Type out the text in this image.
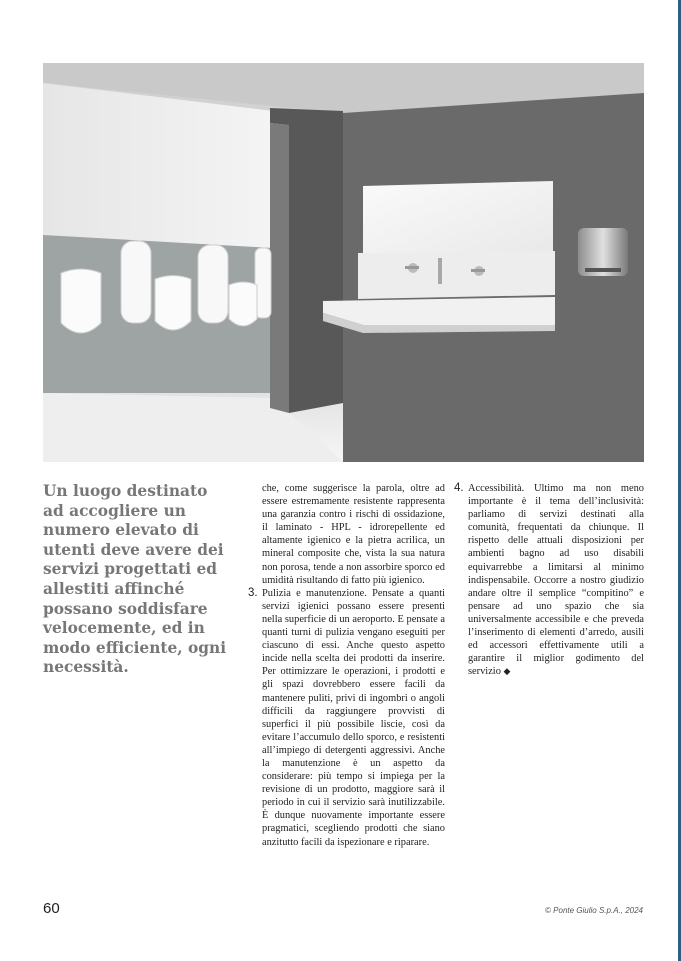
Un luogo destinato ad accogliere un numero elevato di utenti deve avere dei servizi progettati ed allestiti affinché possano soddisfare velocemente, ed in modo efficiente, ogni necessità.

che, come suggerisce la parola, oltre ad essere estremamente resistente rappresenta una garanzia contro i rischi di ossidazione, il laminato - HPL - idrorepellente ed altamente igienico e la pietra acrilica, un mineral composite che, vista la sua natura non porosa, tende a non assorbire sporco ed umidità risultando di fatto più igienico.

3. Pulizia e manutenzione. Pensate a quanti servizi igienici possano essere presenti nella superficie di un aeroporto. E pensate a quanti turni di pulizia vengano eseguiti per ciascuno di essi. Anche questo aspetto incide nella scelta dei prodotti da inserire. Per ottimizzare le operazioni, i prodotti e gli spazi dovrebbero essere facili da mantenere puliti, privi di ingombri o angoli difficili da raggiungere provvisti di superfici il più possibile liscie, così da evitare l’accumulo dello sporco, e resistenti all’impiego di detergenti aggressivi. Anche la manutenzione è un aspetto da considerare: più tempo si impiega per la revisione di un prodotto, maggiore sarà il periodo in cui il servizio sarà inutilizzabile. È dunque nuovamente importante essere pragmatici, scegliendo prodotti che siano anzitutto facili da ispezionare e riparare.

4. Accessibilità. Ultimo ma non meno importante è il tema dell’inclusività: parliamo di servizi destinati alla comunità, frequentati da chiunque. Il rispetto delle attuali disposizioni per ambienti bagno ad uso disabili equivarrebbe a limitarsi al minimo indispensabile. Occorre a nostro giudizio andare oltre il semplice “compitino” e pensare ad uno spazio che sia universalmente accessibile e che preveda l’inserimento di elementi d’arredo, ausili ed accessori effettivamente utili a garantire il miglior godimento del servizio ◆

60	© Ponte Giulio S.p.A., 2024
